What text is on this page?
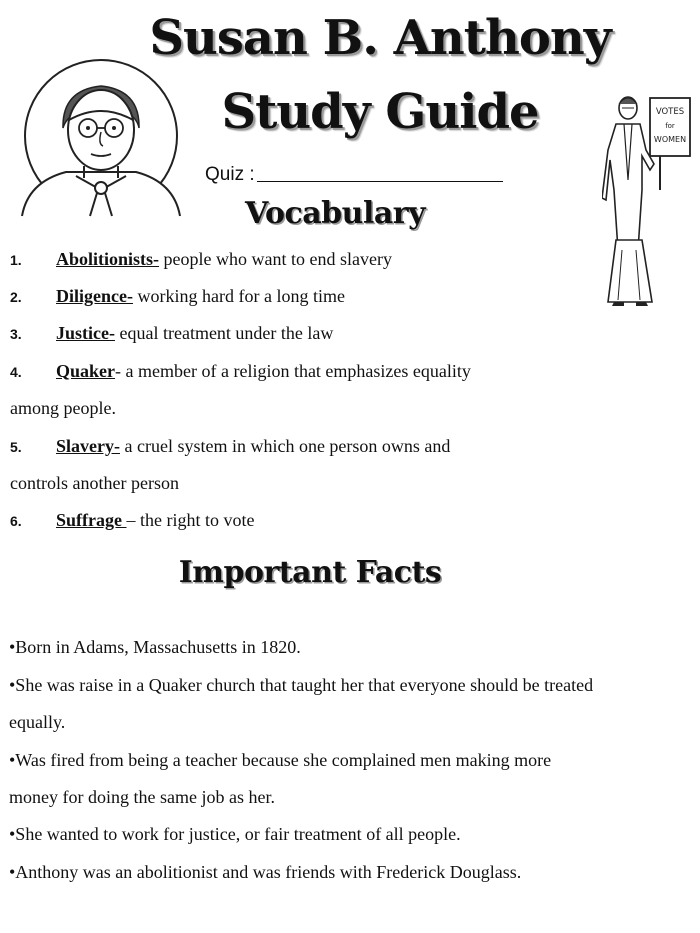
VOTES
for
WOMEN
Susan B. Anthony
Study Guide
Quiz :
Vocabulary
1. Abolitionists- people who want to end slavery
2. Diligence- working hard for a long time
3. Justice- equal treatment under the law
4. Quaker- a member of a religion that emphasizes equality
among people.
5. Slavery- a cruel system in which one person owns and
controls another person
6. Suffrage – the right to vote
Important Facts
•Born in Adams, Massachusetts in 1820.
•She was raise in a Quaker church that taught her that everyone should be treated
equally.
•Was fired from being a teacher because she complained men making more
money for doing the same job as her.
•She wanted to work for justice, or fair treatment of all people.
•Anthony was an abolitionist and was friends with Frederick Douglass.
